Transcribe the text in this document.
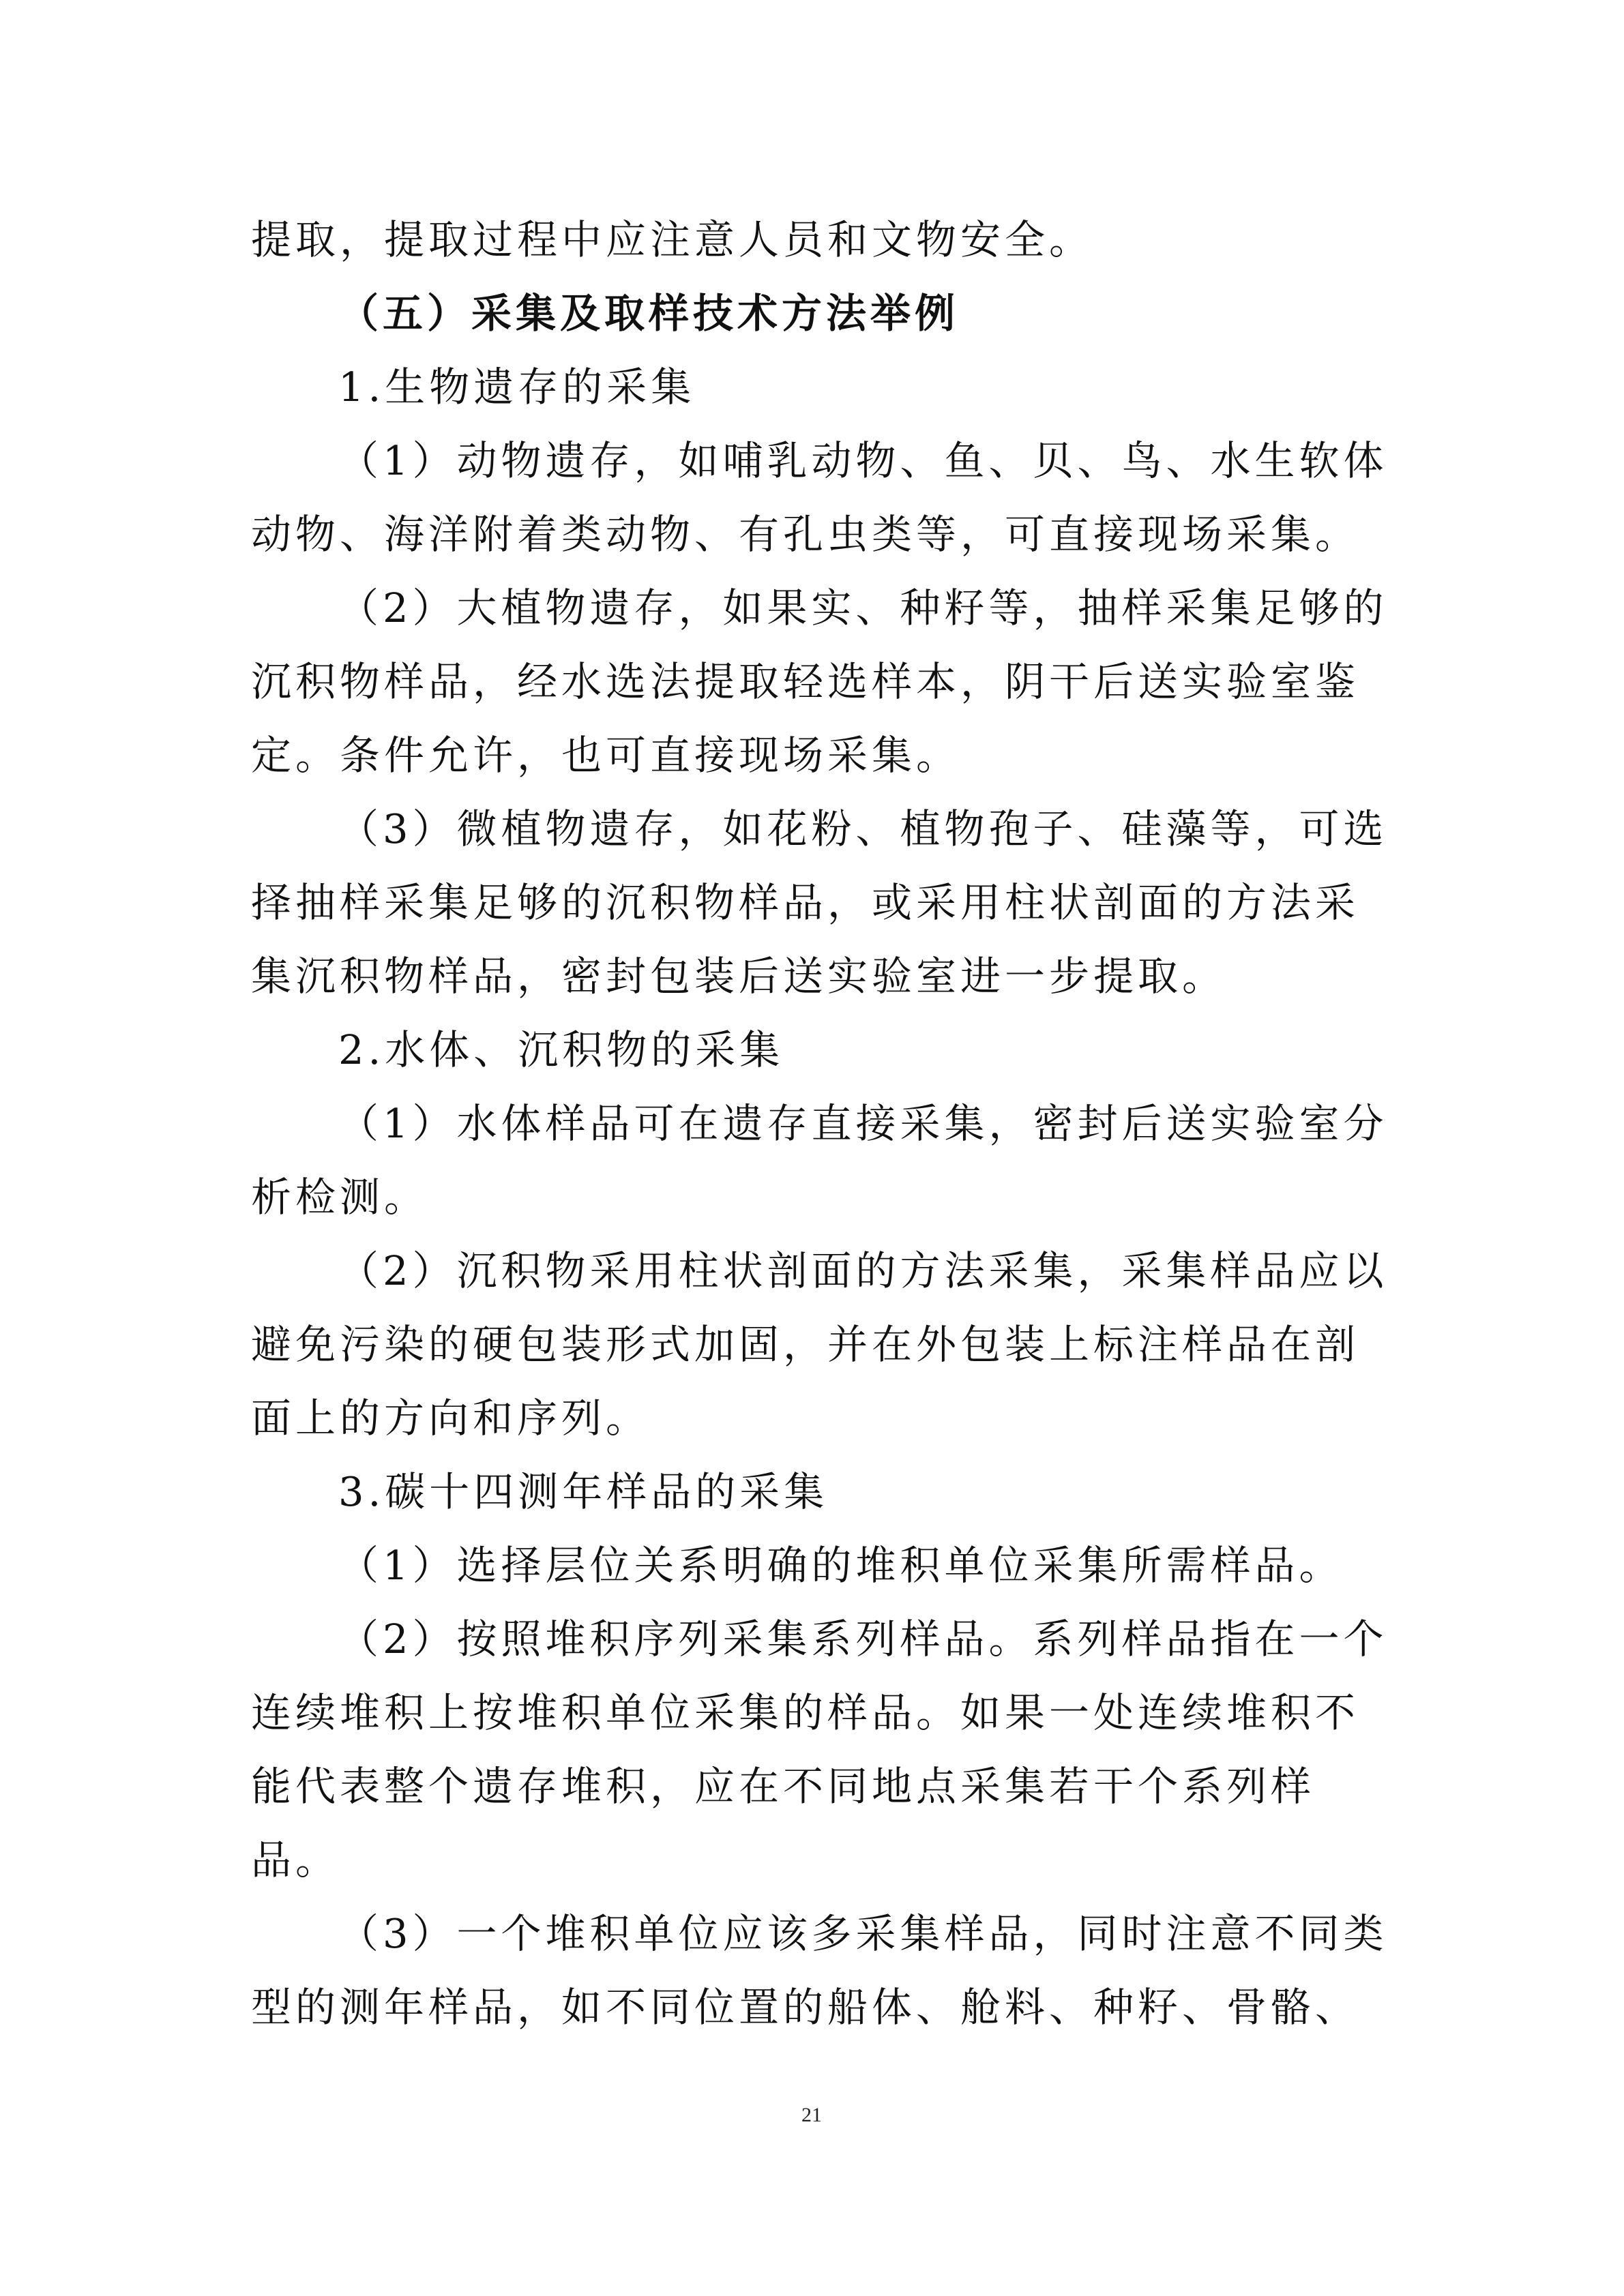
提取，提取过程中应注意人员和文物安全。
（五）采集及取样技术方法举例
1.生物遗存的采集
（1）动物遗存，如哺乳动物、鱼、贝、鸟、水生软体
动物、海洋附着类动物、有孔虫类等，可直接现场采集。
（2）大植物遗存，如果实、种籽等，抽样采集足够的
沉积物样品，经水选法提取轻选样本，阴干后送实验室鉴
定。条件允许，也可直接现场采集。
（3）微植物遗存，如花粉、植物孢子、硅藻等，可选
择抽样采集足够的沉积物样品，或采用柱状剖面的方法采
集沉积物样品，密封包装后送实验室进一步提取。
2.水体、沉积物的采集
（1）水体样品可在遗存直接采集，密封后送实验室分
析检测。
（2）沉积物采用柱状剖面的方法采集，采集样品应以
避免污染的硬包装形式加固，并在外包装上标注样品在剖
面上的方向和序列。
3.碳十四测年样品的采集
（1）选择层位关系明确的堆积单位采集所需样品。
（2）按照堆积序列采集系列样品。系列样品指在一个
连续堆积上按堆积单位采集的样品。如果一处连续堆积不
能代表整个遗存堆积，应在不同地点采集若干个系列样
品。
（3）一个堆积单位应该多采集样品，同时注意不同类
型的测年样品，如不同位置的船体、舱料、种籽、骨骼、
21
